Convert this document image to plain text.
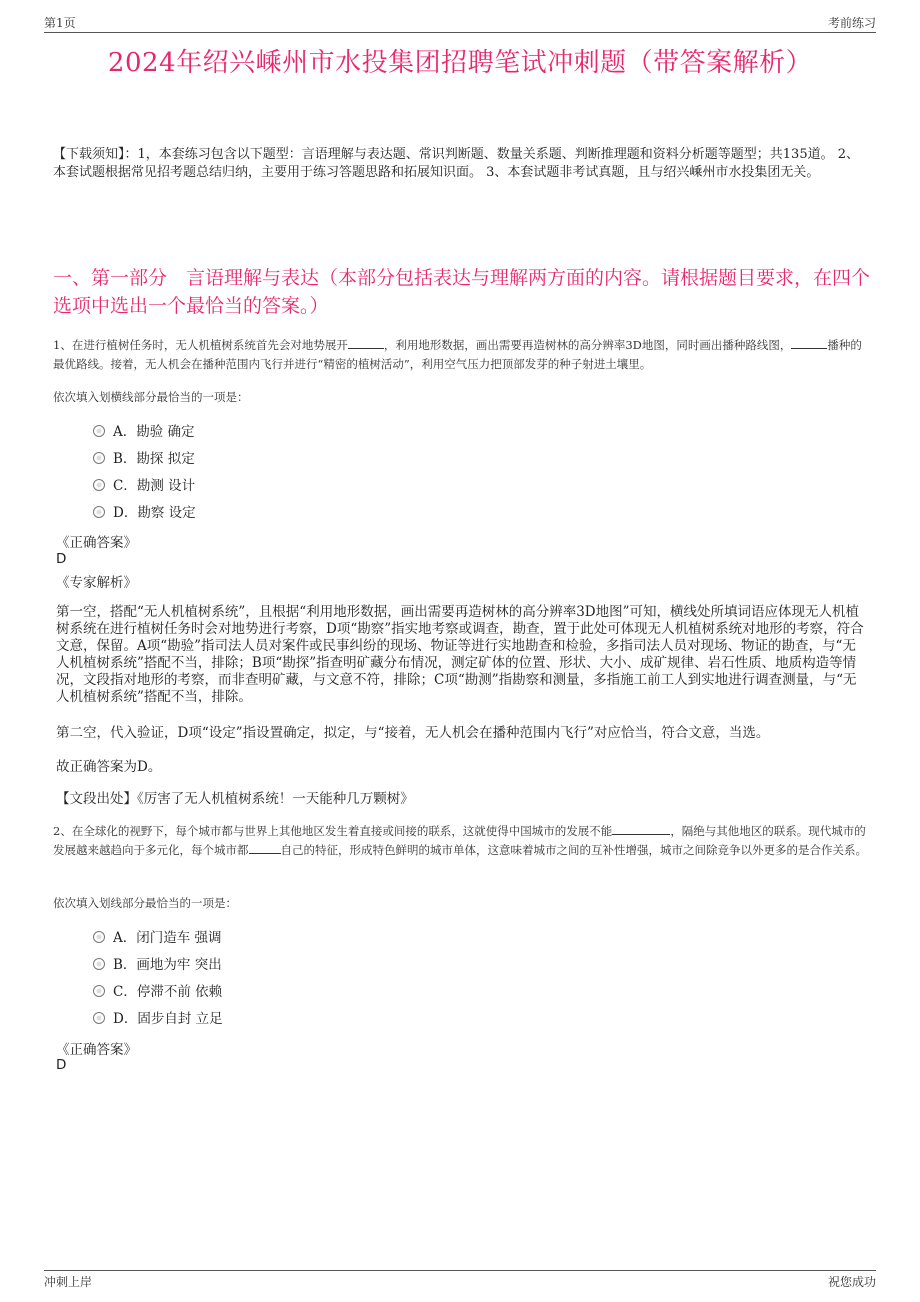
第1页	考前练习
2024年绍兴嵊州市水投集团招聘笔试冲刺题（带答案解析）
【下载须知】：1，本套练习包含以下题型：言语理解与表达题、常识判断题、数量关系题、判断推理题和资料分析题等题型；共135道。 2、本套试题根据常见招考题总结归纳，主要用于练习答题思路和拓展知识面。 3、本套试题非考试真题，且与绍兴嵊州市水投集团无关。
一、第一部分　言语理解与表达（本部分包括表达与理解两方面的内容。请根据题目要求，在四个选项中选出一个最恰当的答案。）
1、在进行植树任务时，无人机植树系统首先会对地势展开	，利用地形数据，画出需要再造树林的高分辨率3D地图，同时画出播种路线图，	播种的最优路线。接着，无人机会在播种范围内飞行并进行“精密的植树活动”，利用空气压力把顶部发芽的种子射进土壤里。
依次填入划横线部分最恰当的一项是：
A．勘验 确定
B．勘探 拟定
C．勘测 设计
D．勘察 设定
《正确答案》
D
《专家解析》
第一空，搭配“无人机植树系统”，且根据“利用地形数据，画出需要再造树林的高分辨率3D地图”可知，横线处所填词语应体现无人机植树系统在进行植树任务时会对地势进行考察，D项“勘察”指实地考察或调查，勘查，置于此处可体现无人机植树系统对地形的考察，符合文意，保留。A项“勘验”指司法人员对案件或民事纠纷的现场、物证等进行实地勘查和检验，多指司法人员对现场、物证的勘查，与“无人机植树系统”搭配不当，排除；B项“勘探”指查明矿藏分布情况，测定矿体的位置、形状、大小、成矿规律、岩石性质、地质构造等情况，文段指对地形的考察，而非查明矿藏，与文意不符，排除；C项“勘测”指勘察和测量，多指施工前工人到实地进行调查测量，与“无人机植树系统”搭配不当，排除。
第二空，代入验证，D项“设定”指设置确定，拟定，与“接着，无人机会在播种范围内飞行”对应恰当，符合文意，当选。
故正确答案为D。
【文段出处】《厉害了无人机植树系统！一天能种几万颗树》
2、在全球化的视野下，每个城市都与世界上其他地区发生着直接或间接的联系，这就使得中国城市的发展不能	，隔绝与其他地区的联系。现代城市的发展越来越趋向于多元化，每个城市都	自己的特征，形成特色鲜明的城市单体，这意味着城市之间的互补性增强，城市之间除竞争以外更多的是合作关系。
依次填入划线部分最恰当的一项是：
A．闭门造车 强调
B．画地为牢 突出
C．停滞不前 依赖
D．固步自封 立足
《正确答案》
D
冲刺上岸	祝您成功
